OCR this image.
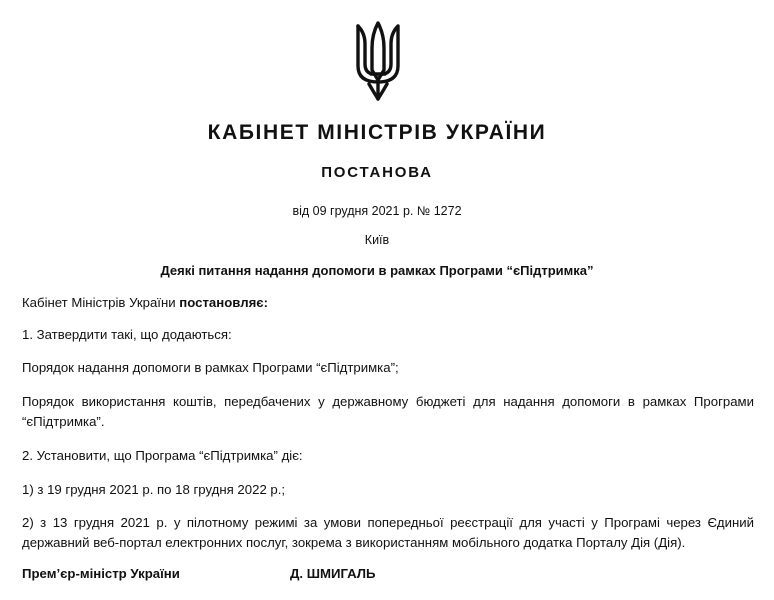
КАБІНЕТ МІНІСТРІВ УКРАЇНИ
ПОСТАНОВА
від 09 грудня 2021 р. № 1272
Київ
Деякі питання надання допомоги в рамках Програми “єПідтримка”
Кабінет Міністрів України постановляє:
1. Затвердити такі, що додаються:
Порядок надання допомоги в рамках Програми “єПідтримка”;
Порядок використання коштів, передбачених у державному бюджеті для надання допомоги в рамках Програми “єПідтримка”.
2. Установити, що Програма “єПідтримка” діє:
1) з 19 грудня 2021 р. по 18 грудня 2022 р.;
2) з 13 грудня 2021 р. у пілотному режимі за умови попередньої реєстрації для участі у Програмі через Єдиний державний веб-портал електронних послуг, зокрема з використанням мобільного додатка Порталу Дія (Дія).
Прем’єр-міністр України	Д. ШМИГАЛЬ
